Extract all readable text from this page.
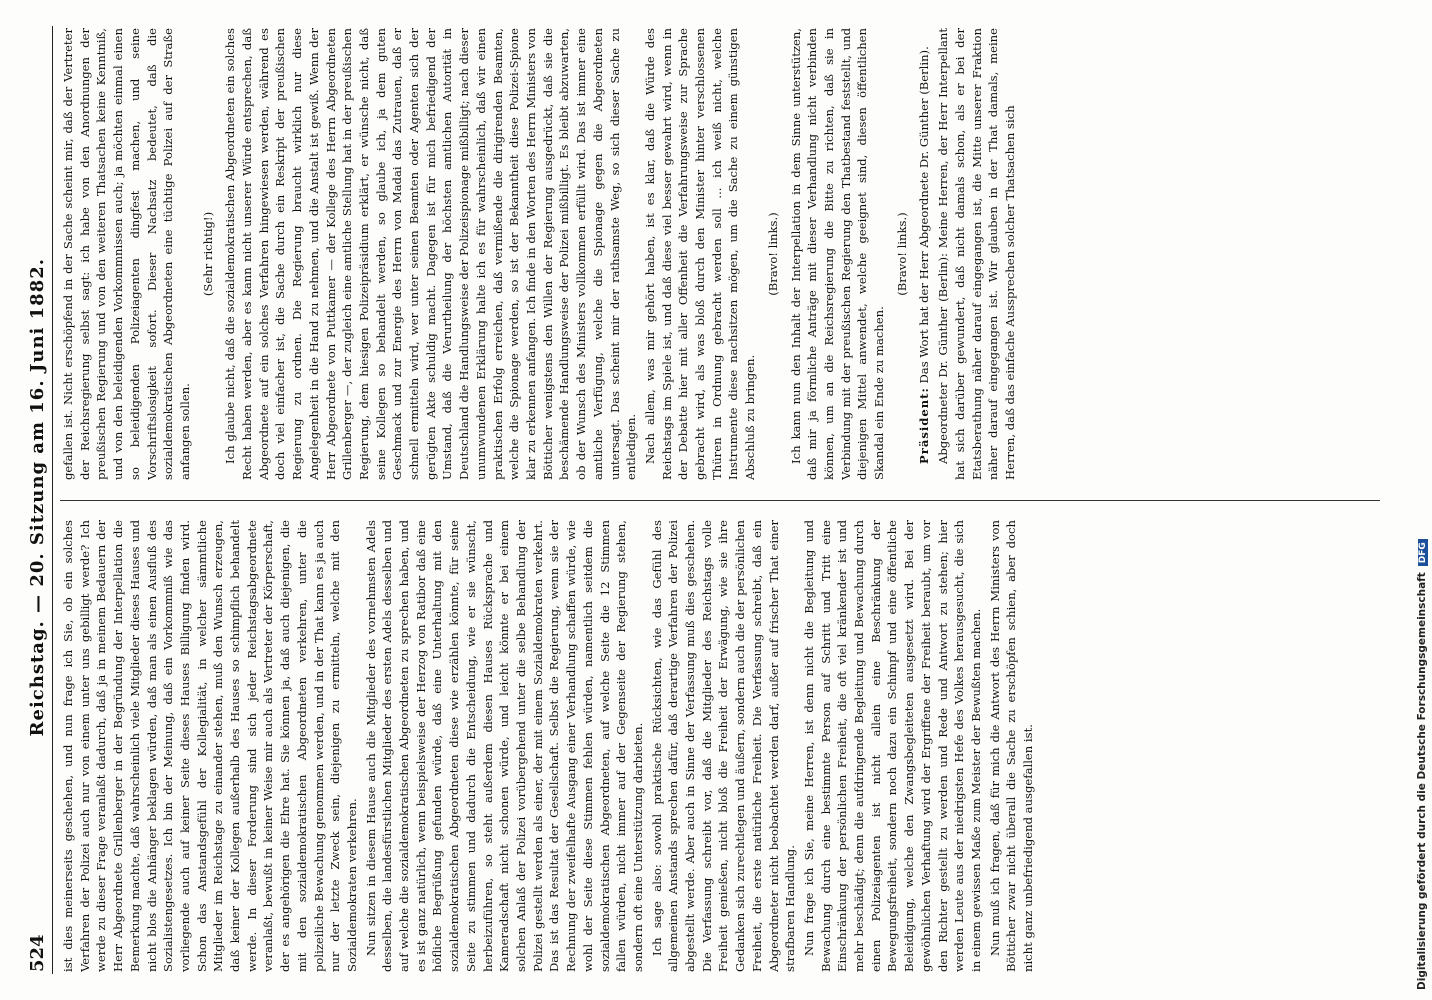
524
Reichstag. — 20. Sitzung am 16. Juni 1882.

ist dies meinerseits geschehen, und nun frage ich Sie, ob ein solches Verfahren der Polizei auch nur von einem unter uns gebilligt werde? Ich werde zu dieser Frage veranlaßt dadurch, daß ja in meinem Bedauern der Herr Abgeordnete Grillenberger in der Begründung der Interpellation die Bemerkung machte, daß wahrscheinlich viele Mitglieder dieses Hauses und nicht blos die Anhänger beklagen würden, daß man als einen Ausfluß des Sozialistengesetzes. Ich bin der Meinung, daß ein Vorkommniß wie das vorliegende auch auf keiner Seite dieses Hauses Billigung finden wird. Schon das Anstandsgefühl der Kollegialität, in welcher sämmtliche Mitglieder im Reichstage zu einander stehen, muß den Wunsch erzeugen, daß keiner der Kollegen außerhalb des Hauses so schimpflich behandelt werde. In dieser Forderung sind sich jeder Reichstagsabgeordnete veranlaßt, bewußt in keiner Weise mir auch als Vertreter der Körperschaft, der es angehörigen die Ehre hat. Sie können ja, daß auch diejenigen, die mit den sozialdemokratischen Abgeordneten verkehren, unter die polizeiliche Bewachung genommen werden, und in der That kann es ja auch nur der letzte Zweck sein, diejenigen zu ermitteln, welche mit den Sozialdemokraten verkehren. Nun sitzen in diesem Hause auch die Mitglieder des vornehmsten Adels desselben, die landesfürstlichen Mitglieder des ersten Adels desselben und auf welche die sozialdemokratischen Abgeordneten zu sprechen haben, und es ist ganz natürlich, wenn beispielsweise der Herzog von Ratibor daß eine höfliche Begrüßung gefunden würde, daß eine Unterhaltung mit den sozialdemokratischen Abgeordneten diese wie erzählen könnte, für seine Seite zu stimmen und dadurch die Entscheidung, wie er sie wünscht, herbeizuführen, so steht außerdem diesen Hauses Rücksprache und Kameradschaft nicht schonen würde, und leicht könnte er bei einem solchen Anlaß der Polizei vorübergehend unter die selbe Behandlung der Polizei gestellt werden als einer, der mit einem Sozialdemokraten verkehrt. Das ist das Resultat der Gesellschaft. Selbst die Regierung, wenn sie der Rechnung der zweifelhafte Ausgang einer Verhandlung schaffen würde, wie wohl der Seite diese Stimmen fehlen würden, namentlich seitdem die sozialdemokratischen Abgeordneten, auf welche Seite die 12 Stimmen fallen würden, nicht immer auf der Gegenseite der Regierung stehen, sondern oft eine Unterstützung darbieten. Ich sage also: sowohl praktische Rücksichten, wie das Gefühl des allgemeinen Anstands sprechen dafür, daß derartige Verfahren der Polizei abgestellt werde. Aber auch in Sinne der Verfassung muß dies geschehen. Die Verfassung schreibt vor, daß die Mitglieder des Reichstags volle Freiheit genießen, nicht bloß die Freiheit der Erwägung, wie sie ihre Gedanken sich zurechtlegen und äußern, sondern auch die der persönlichen Freiheit, die erste natürliche Freiheit. Die Verfassung schreibt, daß ein Abgeordneter nicht beobachtet werden darf, außer auf frischer That einer strafbaren Handlung. Nun frage ich Sie, meine Herren, ist denn nicht die Begleitung und Bewachung durch eine bestimmte Person auf Schritt und Tritt eine Einschränkung der persönlichen Freiheit, die oft viel kränkender ist und mehr beschädigt; denn die aufdringende Begleitung und Bewachung durch einen Polizeiagenten ist nicht allein eine Beschränkung der Bewegungsfreiheit, sondern noch dazu ein Schimpf und eine öffentliche Beleidigung, welche den Zwangsbegleiteten ausgesetzt wird. Bei der gewöhnlichen Verhaftung wird der Ergriffene der Freiheit beraubt, um vor den Richter gestellt zu werden und Rede und Antwort zu stehen; hier werden Leute aus der niedrigsten Hefe des Volkes herausgesucht, die sich in einem gewissen Maße zum Meister der Bewußten machen. Nun muß ich fragen, daß für mich die Antwort des Herrn Ministers von Bötticher zwar nicht überall die Sache zu erschöpfen schien, aber doch nicht ganz unbefriedigend ausgefallen ist.

gefallen ist. Nicht erschöpfend in der Sache scheint mir, daß der Vertreter der Reichsregierung selbst sagt: ich habe von den Anordnungen der preußischen Regierung und von den weiteren Thatsachen keine Kenntniß, und von den beleidigenden Vorkommnissen auch; ja möchten einmal einen so beleidigenden Polizeiagenten dingfest machen, und seine Vorschriftslosigkeit sofort. Dieser Nachsatz bedeutet, daß die sozialdemokratischen Abgeordneten eine tüchtige Polizei auf der Straße anfangen sollen.

(Sehr richtig!) Ich glaube nicht, daß die sozialdemokratischen Abgeordneten ein solches Recht haben werden, aber es kann nicht unserer Würde entsprechen, daß Abgeordnete auf ein solches Verfahren hingewiesen werden, während es doch viel einfacher ist, die Sache durch ein Reskript der preußischen Regierung zu ordnen. Die Regierung braucht wirklich nur diese Angelegenheit in die Hand zu nehmen, und die Anstalt ist gewiß. Wenn der Herr Abgeordnete von Puttkamer — der Kollege des Herrn Abgeordneten Grillenberger —, der zugleich eine amtliche Stellung hat in der preußischen Regierung, dem hiesigen Polizeipräsidium erklärt, er wünsche nicht, daß seine Kollegen so behandelt werden, so glaube ich, ja dem guten Geschmack und zur Energie des Herrn von Madai das Zutrauen, daß er schnell ermitteln wird, wer unter seinen Beamten oder Agenten sich der gerügten Akte schuldig macht. Dagegen ist für mich befriedigend der Umstand, daß die Verurtheilung der höchsten amtlichen Autorität in Deutschland die Handlungsweise der Polizeispionage mißbilligt; nach dieser unumwundenen Erklärung halte ich es für wahrscheinlich, daß wir einen praktischen Erfolg erreichen, daß vermißende die dirigirenden Beamten, welche die Spionage werden, so ist der Bekanntheit diese Polizei-Spione klar zu erkennen anfangen. Ich finde in den Worten des Herrn Ministers von Bötticher wenigstens den Willen der Regierung ausgedrückt, daß sie die beschämende Handlungsweise der Polizei mißbilligt. Es bleibt abzuwarten, ob der Wunsch des Ministers vollkommen erfüllt wird. Das ist immer eine amtliche Verfügung, welche die Spionage gegen die Abgeordneten untersagt. Das scheint mir der rathsamste Weg, so sich dieser Sache zu entledigen. Nach allem, was mir gehört haben, ist es klar, daß die Würde des Reichstags im Spiele ist, und daß diese viel besser gewahrt wird, wenn in der Debatte hier mit aller Offenheit die Verfahrungsweise zur Sprache gebracht wird, als was bloß durch den Minister hinter verschlossenen Thüren in Ordnung gebracht werden soll ... ich weiß nicht, welche Instrumente diese nachsitzen mögen, um die Sache zu einem günstigen Abschluß zu bringen.

(Bravo! links.) Ich kann nun den Inhalt der Interpellation in dem Sinne unterstützen, daß mir ja förmliche Anträge mit dieser Verhandlung nicht verbinden können, um an die Reichsregierung die Bitte zu richten, daß sie in Verbindung mit der preußischen Regierung den Thatbestand feststellt, und diejenigen Mittel anwendet, welche geeignet sind, diesen öffentlichen Skandal ein Ende zu machen.

(Bravo! links.)

Präsident: Das Wort hat der Herr Abgeordnete Dr. Günther (Berlin).

Abgeordneter Dr. Günther (Berlin): Meine Herren, der Herr Interpellant hat sich darüber gewundert, daß nicht damals schon, als er bei der Etatsberathung näher darauf eingegangen ist, die Mitte unserer Fraktion näher darauf eingegangen ist. Wir glauben in der That damals, meine Herren, daß das einfache Aussprechen solcher Thatsachen sich

Digitalisierung gefördert durch die Deutsche ForschungsgemeinschaftDFG
